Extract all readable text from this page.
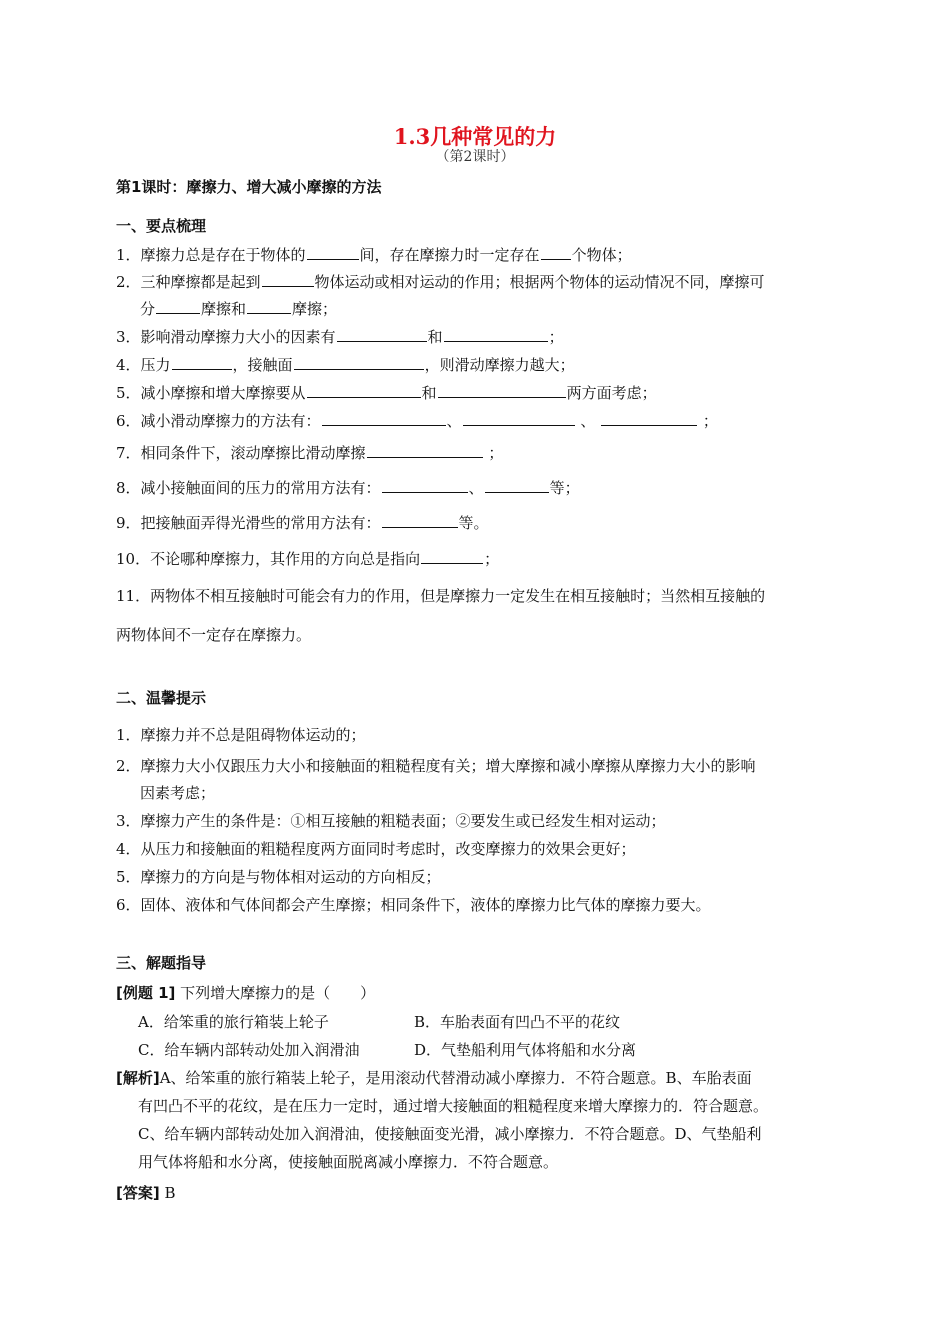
1.3几种常见的力
（第2课时）
第1课时：摩擦力、增大减小摩擦的方法
一、要点梳理
1．摩擦力总是存在于物体的	间，存在摩擦力时一定存在 个物体；
2．三种摩擦都是起到	物体运动或相对运动的作用；根据两个物体的运动情况不同，摩擦可
分	摩擦和	摩擦；
3．影响滑动摩擦力大小的因素有	和	；
4．压力	，接触面	，则滑动摩擦力越大；
5．减小摩擦和增大摩擦要从	和	两方面考虑；
6．减小滑动摩擦力的方法有：	、	、	；
7．相同条件下，滚动摩擦比滑动摩擦	；
8．减小接触面间的压力的常用方法有：	、	等；
9．把接触面弄得光滑些的常用方法有：	等。
10．不论哪种摩擦力，其作用的方向总是指向	；
11．两物体不相互接触时可能会有力的作用，但是摩擦力一定发生在相互接触时；当然相互接触的
两物体间不一定存在摩擦力。
二、温馨提示
1．摩擦力并不总是阻碍物体运动的；
2．摩擦力大小仅跟压力大小和接触面的粗糙程度有关；增大摩擦和减小摩擦从摩擦力大小的影响
因素考虑；
3．摩擦力产生的条件是：①相互接触的粗糙表面；②要发生或已经发生相对运动；
4．从压力和接触面的粗糙程度两方面同时考虑时，改变摩擦力的效果会更好；
5．摩擦力的方向是与物体相对运动的方向相反；
6．固体、液体和气体间都会产生摩擦；相同条件下，液体的摩擦力比气体的摩擦力要大。
三、解题指导
[例题 1] 下列增大摩擦力的是（　　）
A．给笨重的旅行箱装上轮子	B．车胎表面有凹凸不平的花纹
C．给车辆内部转动处加入润滑油	D．气垫船利用气体将船和水分离
[解析]A、给笨重的旅行箱装上轮子，是用滚动代替滑动减小摩擦力．不符合题意。B、车胎表面
有凹凸不平的花纹，是在压力一定时，通过增大接触面的粗糙程度来增大摩擦力的．符合题意。
C、给车辆内部转动处加入润滑油，使接触面变光滑，减小摩擦力．不符合题意。D、气垫船利
用气体将船和水分离，使接触面脱离减小摩擦力．不符合题意。
[答案] B
